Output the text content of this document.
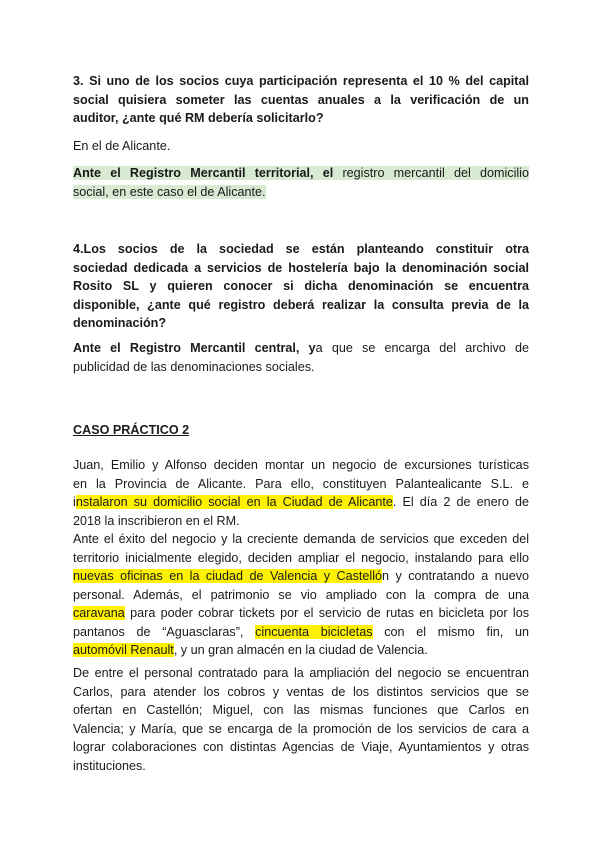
3. Si uno de los socios cuya participación representa el 10 % del capital
social quisiera someter las cuentas anuales a la verificación de un
auditor, ¿ante qué RM debería solicitarlo?
En el de Alicante.
Ante el Registro Mercantil territorial, el registro mercantil del domicilio
social, en este caso el de Alicante.
4.Los socios de la sociedad se están planteando constituir otra
sociedad dedicada a servicios de hostelería bajo la denominación social
Rosito SL y quieren conocer si dicha denominación se encuentra
disponible, ¿ante qué registro deberá realizar la consulta previa de la
denominación?
Ante el Registro Mercantil central, ya que se encarga del archivo de
publicidad de las denominaciones sociales.
CASO PRÁCTICO 2
Juan, Emilio y Alfonso deciden montar un negocio de excursiones turísticas
en la Provincia de Alicante. Para ello, constituyen Palantealicante S.L. e
instalaron su domicilio social en la Ciudad de Alicante. El día 2 de enero de
2018 la inscribieron en el RM.
Ante el éxito del negocio y la creciente demanda de servicios que exceden del
territorio inicialmente elegido, deciden ampliar el negocio, instalando para ello
nuevas oficinas en la ciudad de Valencia y Castellón y contratando a nuevo
personal. Además, el patrimonio se vio ampliado con la compra de una
caravana para poder cobrar tickets por el servicio de rutas en bicicleta por los
pantanos de “Aguasclaras”, cincuenta bicicletas con el mismo fin, un
automóvil Renault, y un gran almacén en la ciudad de Valencia.
De entre el personal contratado para la ampliación del negocio se encuentran
Carlos, para atender los cobros y ventas de los distintos servicios que se
ofertan en Castellón; Miguel, con las mismas funciones que Carlos en
Valencia; y María, que se encarga de la promoción de los servicios de cara a
lograr colaboraciones con distintas Agencias de Viaje, Ayuntamientos y otras
instituciones.
